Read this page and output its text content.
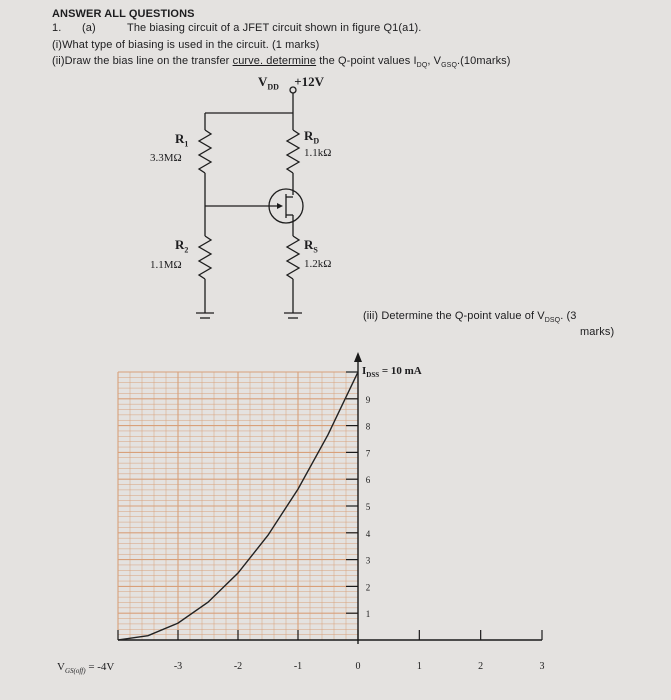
ANSWER ALL QUESTIONS
1. (a)	The biasing circuit of a JFET circuit shown in figure Q1(a1).
(i)What type of biasing is used in the circuit. (1 marks)
(ii)Draw the bias line on the transfer curve. determine the Q-point values $I_{DQ}$, $V_{GSQ}.(10marks)$
$V_{DD} +12V$
$R_1$
3.3MΩ
$R_D$
1.1kΩ
$R_2$
1.1MΩ
$R_S$
1.2kΩ
(iii) Determine the Q-point value of $V_{DSQ}$. (3
marks)
-3	-2	-1	0	1	2	3
9
8
7
6
5
4
3
2
1
$I_{DSS} = 10$ mA
$V_{GS(off)} = -4V$
